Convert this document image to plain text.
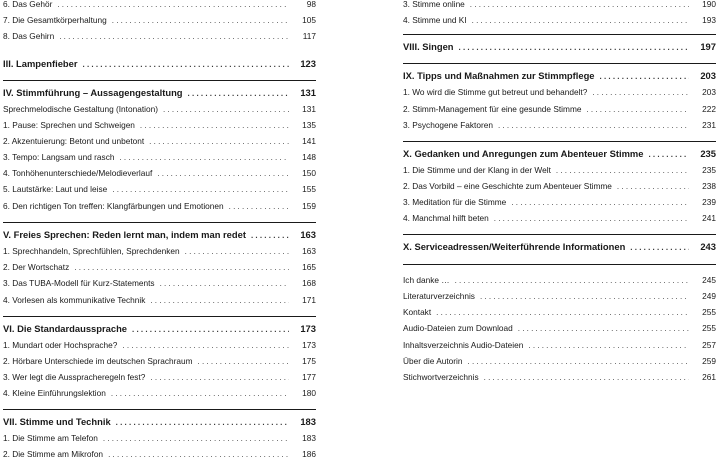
6. Das Gehör . . .	98
7. Die Gesamtkörperhaltung . . .	105
8. Das Gehirn . . .	117
III. Lampenfieber . . .	123
IV. Stimmführung – Aussagengestaltung . . .	131
Sprechmelodische Gestaltung (Intonation) . . .	131
1. Pause: Sprechen und Schweigen . . .	135
2. Akzentuierung: Betont und unbetont . . .	141
3. Tempo: Langsam und rasch . . .	148
4. Tonhöhenunterschiede/Melodieverlauf . . .	150
5. Lautstärke: Laut und leise . . .	155
6. Den richtigen Ton treffen: Klangfärbungen und Emotionen . . .	159
V. Freies Sprechen: Reden lernt man, indem man redet . . .	163
1. Sprechhandeln, Sprechfühlen, Sprechdenken . . .	163
2. Der Wortschatz . . .	165
3. Das TUBA-Modell für Kurz-Statements . . .	168
4. Vorlesen als kommunikative Technik . . .	171
VI. Die Standardaussprache . . .	173
1. Mundart oder Hochsprache? . . .	173
2. Hörbare Unterschiede im deutschen Sprachraum . . .	175
3. Wer legt die Ausspracheregeln fest? . . .	177
4. Kleine Einführungslektion . . .	180
VII. Stimme und Technik . . .	183
1. Die Stimme am Telefon . . .	183
2. Die Stimme am Mikrofon . . .	186
3. Stimme online . . .	190
4. Stimme und KI . . .	193
VIII. Singen . . .	197
IX. Tipps und Maßnahmen zur Stimmpflege . . .	203
1. Wo wird die Stimme gut betreut und behandelt? . . .	203
2. Stimm-Management für eine gesunde Stimme . . .	222
3. Psychogene Faktoren . . .	231
X. Gedanken und Anregungen zum Abenteuer Stimme . . .	235
1. Die Stimme und der Klang in der Welt . . .	235
2. Das Vorbild – eine Geschichte zum Abenteuer Stimme . . .	238
3. Meditation für die Stimme . . .	239
4. Manchmal hilft beten . . .	241
X. Serviceadressen/Weiterführende Informationen . . .	243
Ich danke … . . .	245
Literaturverzeichnis . . .	249
Kontakt . . .	255
Audio-Dateien zum Download . . .	255
Inhaltsverzeichnis Audio-Dateien . . .	257
Über die Autorin . . .	259
Stichwortverzeichnis . . .	261
